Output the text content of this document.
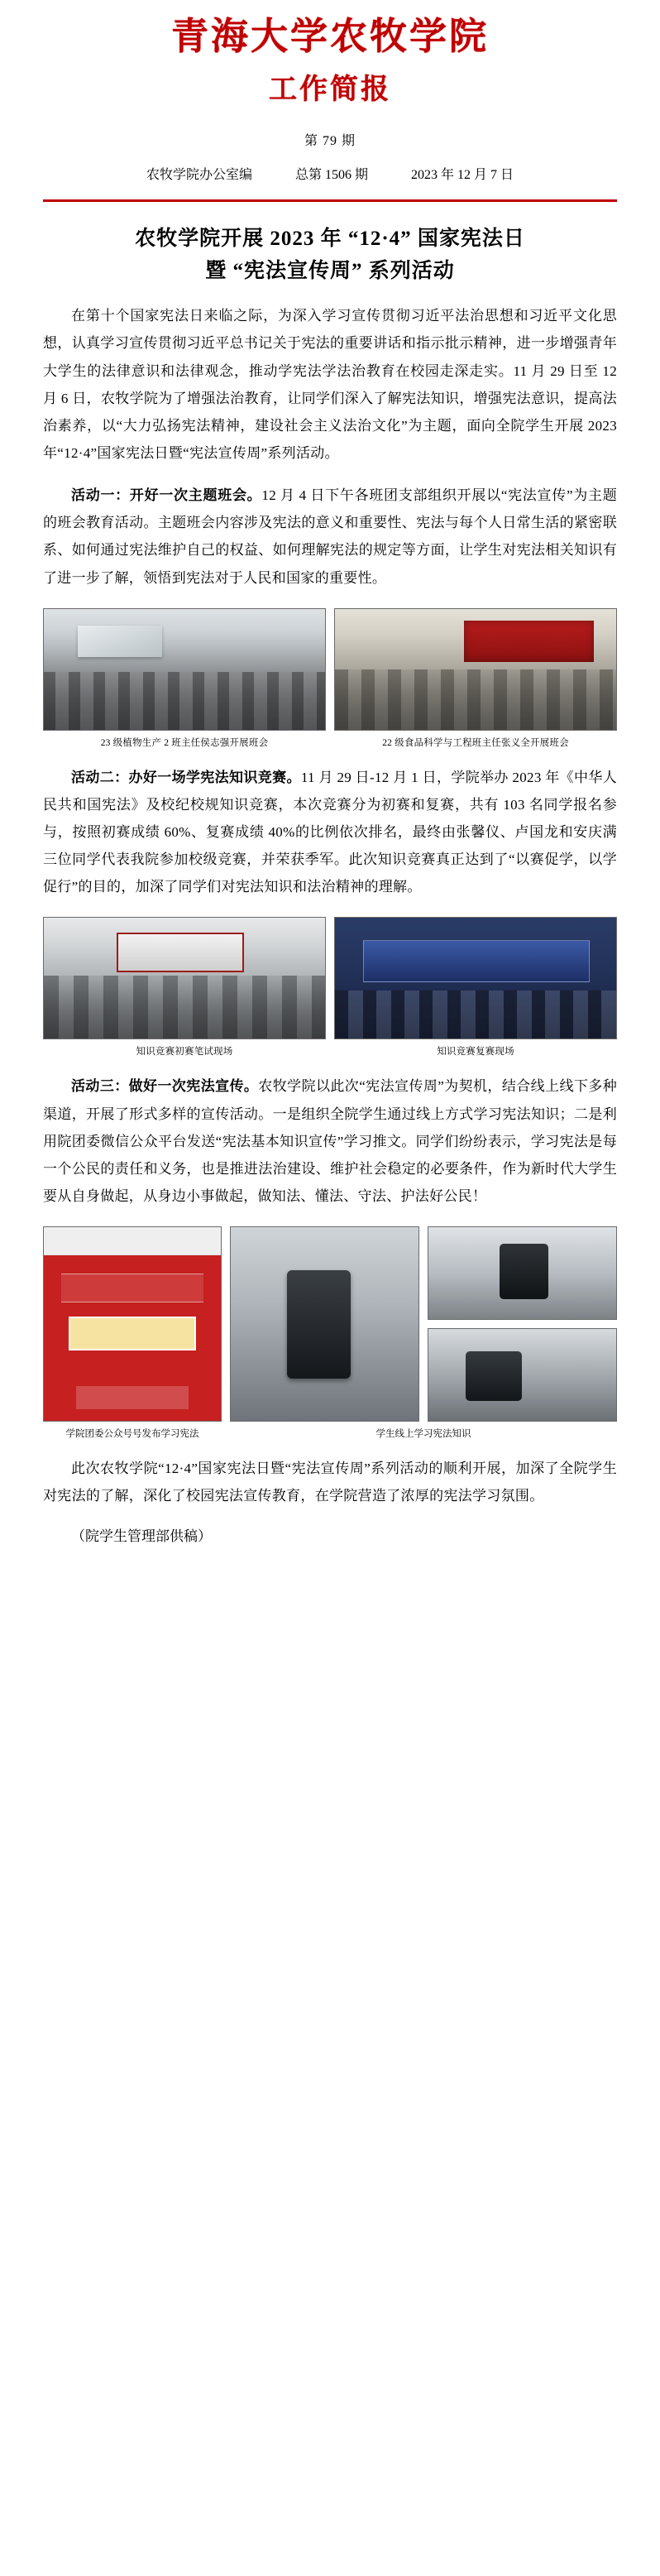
青海大学农牧学院
工作简报
第 79 期
农牧学院办公室编	总第 1506 期	2023 年 12 月 7 日
农牧学院开展 2023 年 “12·4” 国家宪法日
暨 “宪法宣传周” 系列活动

在第十个国家宪法日来临之际，为深入学习宣传贯彻习近平法治思想和习近平文化思想，认真学习宣传贯彻习近平总书记关于宪法的重要讲话和指示批示精神，进一步增强青年大学生的法律意识和法律观念，推动学宪法学法治教育在校园走深走实。11 月 29 日至 12 月 6 日，农牧学院为了增强法治教育，让同学们深入了解宪法知识，增强宪法意识，提高法治素养，以“大力弘扬宪法精神，建设社会主义法治文化”为主题，面向全院学生开展 2023 年“12·4”国家宪法日暨“宪法宣传周”系列活动。

活动一：开好一次主题班会。12 月 4 日下午各班团支部组织开展以“宪法宣传”为主题的班会教育活动。主题班会内容涉及宪法的意义和重要性、宪法与每个人日常生活的紧密联系、如何通过宪法维护自己的权益、如何理解宪法的规定等方面，让学生对宪法相关知识有了进一步了解，领悟到宪法对于人民和国家的重要性。

23 级植物生产 2 班主任侯志强开展班会	22 级食品科学与工程班主任张义全开展班会

活动二：办好一场学宪法知识竞赛。11 月 29 日-12 月 1 日，学院举办 2023 年《中华人民共和国宪法》及校纪校规知识竞赛，本次竞赛分为初赛和复赛，共有 103 名同学报名参与，按照初赛成绩 60%、复赛成绩 40%的比例依次排名，最终由张馨仪、卢国龙和安庆满三位同学代表我院参加校级竞赛，并荣获季军。此次知识竞赛真正达到了“以赛促学，以学促行”的目的，加深了同学们对宪法知识和法治精神的理解。

知识竞赛初赛笔试现场	知识竞赛复赛现场

活动三：做好一次宪法宣传。农牧学院以此次“宪法宣传周”为契机，结合线上线下多种渠道，开展了形式多样的宣传活动。一是组织全院学生通过线上方式学习宪法知识；二是利用院团委微信公众平台发送“宪法基本知识宣传”学习推文。同学们纷纷表示，学习宪法是每一个公民的责任和义务，也是推进法治建设、维护社会稳定的必要条件，作为新时代大学生要从自身做起，从身边小事做起，做知法、懂法、守法、护法好公民！

学院团委公众号号发布学习宪法	学生线上学习宪法知识

此次农牧学院“12·4”国家宪法日暨“宪法宣传周”系列活动的顺利开展，加深了全院学生对宪法的了解，深化了校园宪法宣传教育，在学院营造了浓厚的宪法学习氛围。

（院学生管理部供稿）
